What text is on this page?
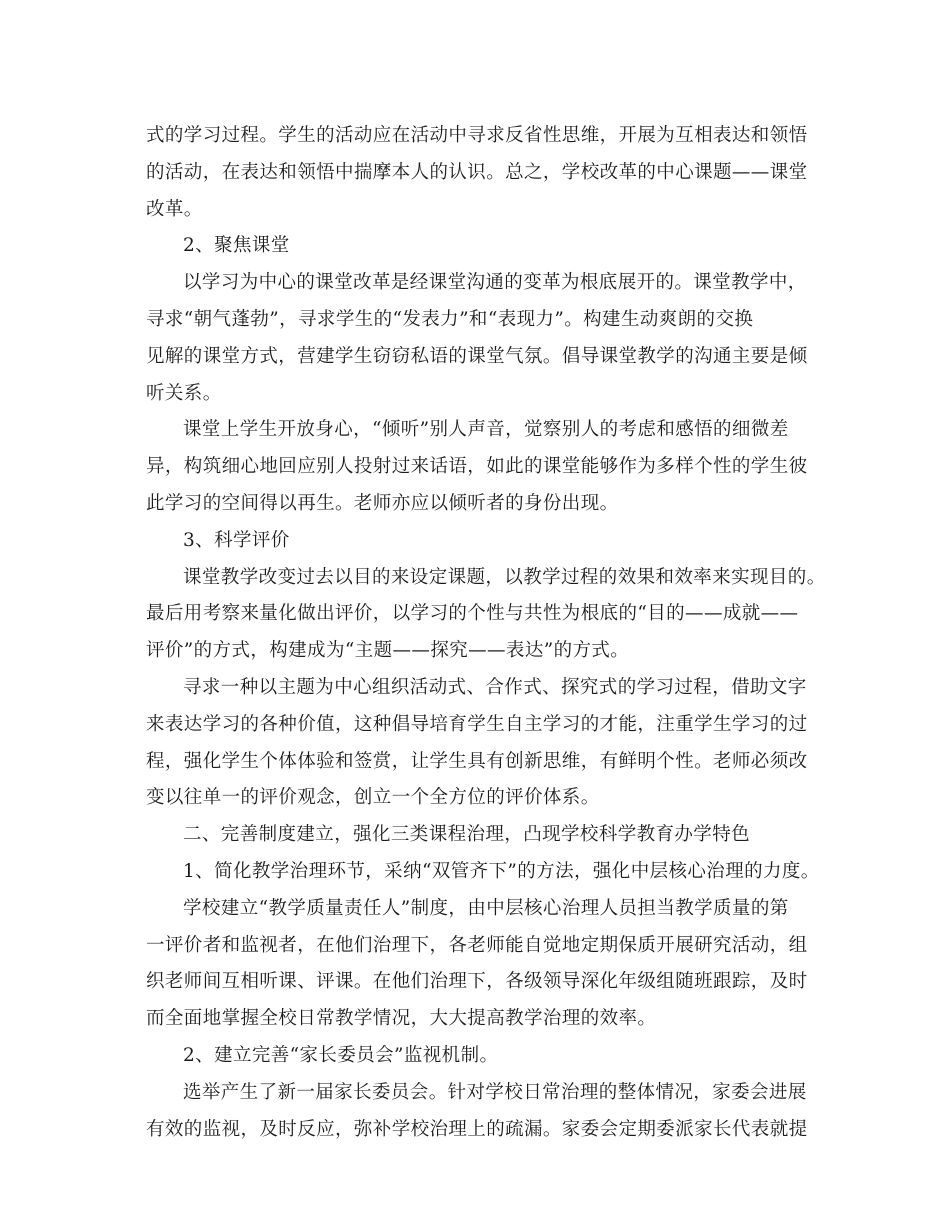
式的学习过程。学生的活动应在活动中寻求反省性思维，开展为互相表达和领悟
的活动，在表达和领悟中揣摩本人的认识。总之，学校改革的中心课题——课堂
改革。
2、聚焦课堂
以学习为中心的课堂改革是经课堂沟通的变革为根底展开的。课堂教学中，
寻求“朝气蓬勃”，寻求学生的“发表力”和“表现力”。构建生动爽朗的交换
见解的课堂方式，营建学生窃窃私语的课堂气氛。倡导课堂教学的沟通主要是倾
听关系。
课堂上学生开放身心，“倾听”别人声音，觉察别人的考虑和感悟的细微差
异，构筑细心地回应别人投射过来话语，如此的课堂能够作为多样个性的学生彼
此学习的空间得以再生。老师亦应以倾听者的身份出现。
3、科学评价
课堂教学改变过去以目的来设定课题，以教学过程的效果和效率来实现目的。
最后用考察来量化做出评价，以学习的个性与共性为根底的“目的——成就——
评价”的方式，构建成为“主题——探究——表达”的方式。
寻求一种以主题为中心组织活动式、合作式、探究式的学习过程，借助文字
来表达学习的各种价值，这种倡导培育学生自主学习的才能，注重学生学习的过
程，强化学生个体体验和签赏，让学生具有创新思维，有鲜明个性。老师必须改
变以往单一的评价观念，创立一个全方位的评价体系。
二、完善制度建立，强化三类课程治理，凸现学校科学教育办学特色
1、简化教学治理环节，采纳“双管齐下”的方法，强化中层核心治理的力度。
学校建立“教学质量责任人”制度，由中层核心治理人员担当教学质量的第
一评价者和监视者，在他们治理下，各老师能自觉地定期保质开展研究活动，组
织老师间互相听课、评课。在他们治理下，各级领导深化年级组随班跟踪，及时
而全面地掌握全校日常教学情况，大大提高教学治理的效率。
2、建立完善“家长委员会”监视机制。
选举产生了新一届家长委员会。针对学校日常治理的整体情况，家委会进展
有效的监视，及时反应，弥补学校治理上的疏漏。家委会定期委派家长代表就提
